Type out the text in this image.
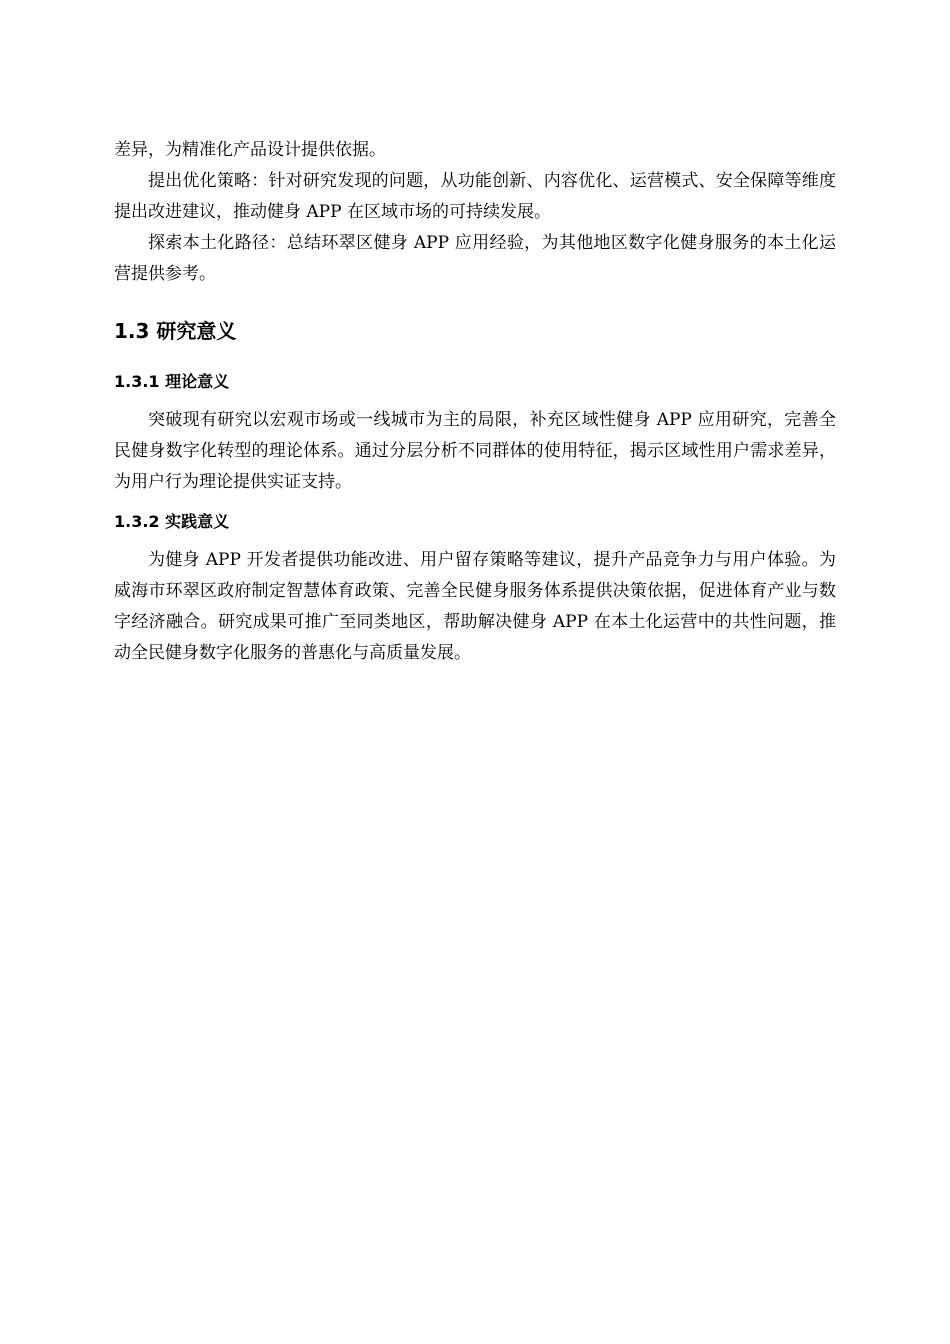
差异，为精准化产品设计提供依据。

提出优化策略：针对研究发现的问题，从功能创新、内容优化、运营模式、安全保障等维度提出改进建议，推动健身 APP 在区域市场的可持续发展。

探索本土化路径：总结环翠区健身 APP 应用经验，为其他地区数字化健身服务的本土化运营提供参考。

1.3 研究意义
1.3.1 理论意义

突破现有研究以宏观市场或一线城市为主的局限，补充区域性健身 APP 应用研究，完善全民健身数字化转型的理论体系。通过分层分析不同群体的使用特征，揭示区域性用户需求差异，为用户行为理论提供实证支持。

1.3.2 实践意义

为健身 APP 开发者提供功能改进、用户留存策略等建议，提升产品竞争力与用户体验。为威海市环翠区政府制定智慧体育政策、完善全民健身服务体系提供决策依据，促进体育产业与数字经济融合。研究成果可推广至同类地区，帮助解决健身 APP 在本土化运营中的共性问题，推动全民健身数字化服务的普惠化与高质量发展。
